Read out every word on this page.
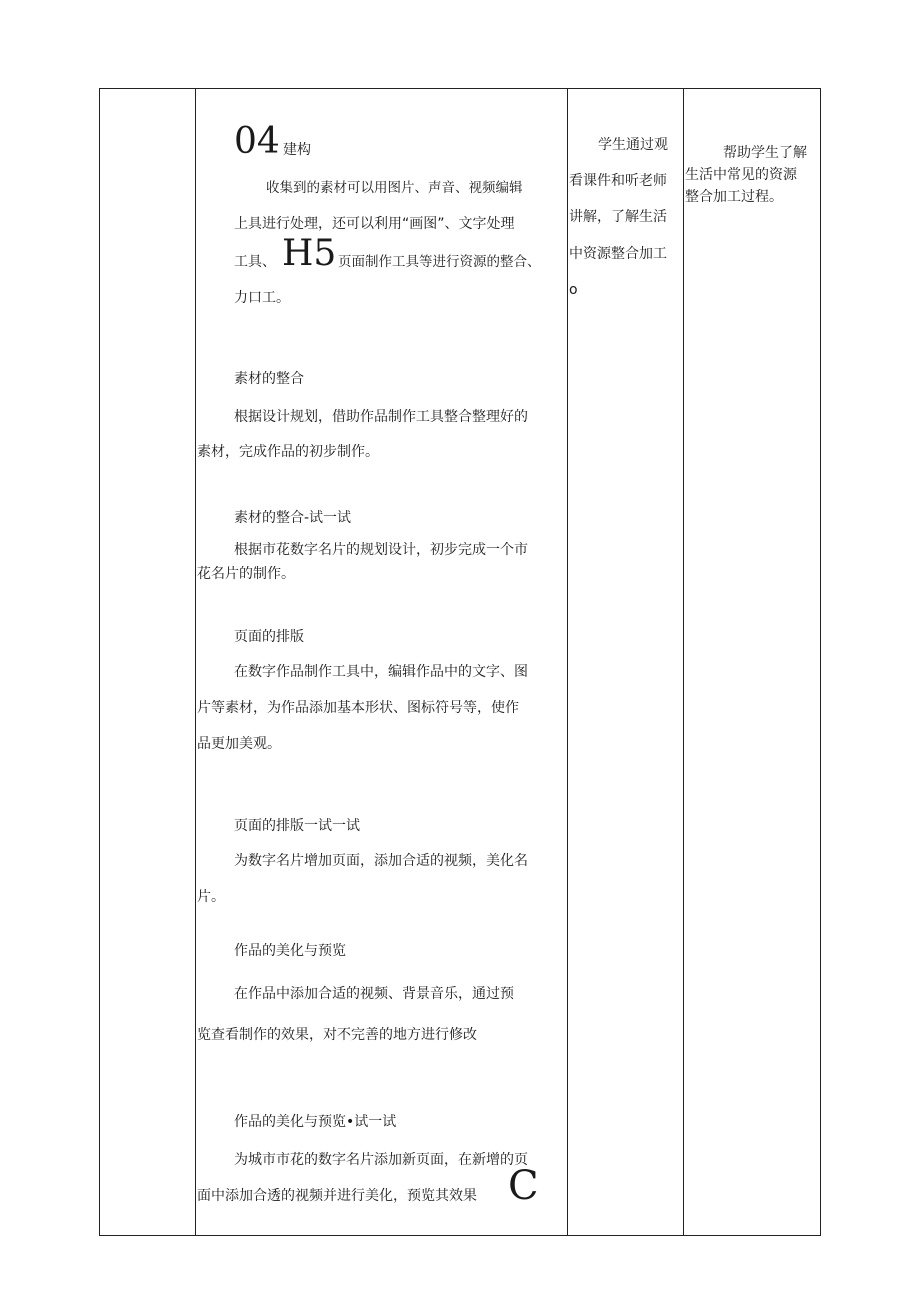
04 建构
收集到的素材可以用图片、声音、视频编辑
上具进行处理，还可以利用“画图”、文字处理
工具、 H5 页面制作工具等进行资源的整合、
力口工。
素材的整合
根据设计规划，借助作品制作工具整合整理好的
素材，完成作品的初步制作。
素材的整合-试一试
根据市花数字名片的规划设计，初步完成一个市
花名片的制作。
页面的排版
在数字作品制作工具中，编辑作品中的文字、图
片等素材，为作品添加基本形状、图标符号等，使作
品更加美观。
页面的排版一试一试
为数字名片增加页面，添加合适的视频，美化名
片。
作品的美化与预览
在作品中添加合适的视频、背景音乐，通过预
览查看制作的效果，对不完善的地方进行修改
作品的美化与预览•试一试
为城市市花的数字名片添加新页面，在新增的页
面中添加合透的视频并进行美化，预览其效果 C
学生通过观
看课件和听老师
讲解，了解生活
中资源整合加工
o
帮助学生了解
生活中常见的资源
整合加工过程。
